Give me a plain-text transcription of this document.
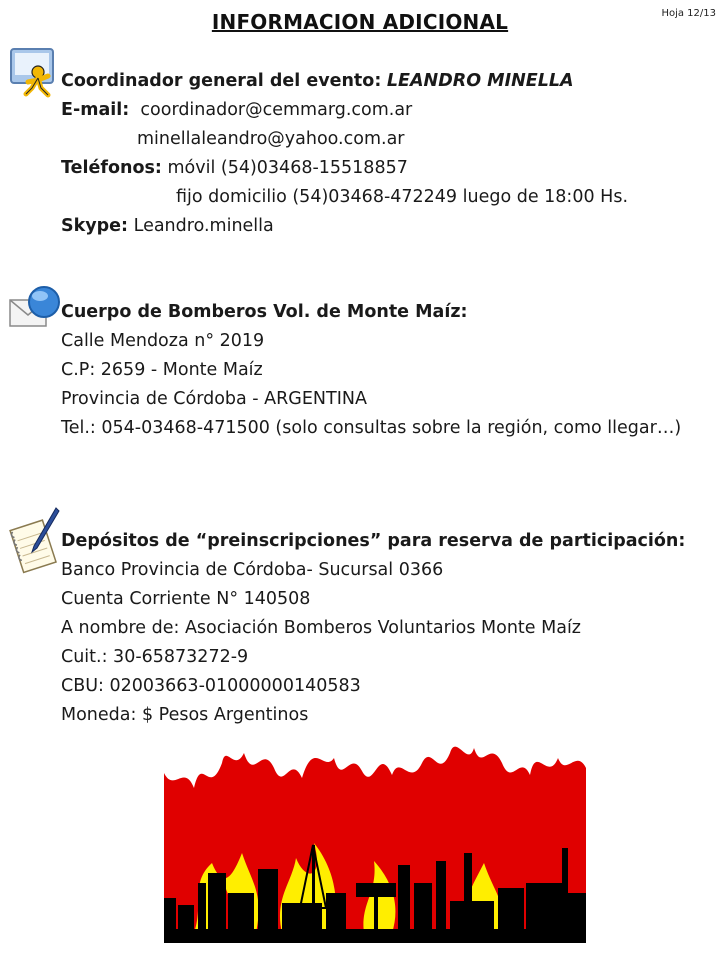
Hoja 12/13
INFORMACION ADICIONAL
Coordinador general del evento: LEANDRO MINELLA
E-mail: coordinador@cemmarg.com.ar
minellaleandro@yahoo.com.ar
Teléfonos: móvil (54)03468-15518857
fijo domicilio (54)03468-472249 luego de 18:00 Hs.
Skype: Leandro.minella
Cuerpo de Bomberos Vol. de Monte Maíz:
Calle Mendoza n° 2019
C.P: 2659 - Monte Maíz
Provincia de Córdoba - ARGENTINA
Tel.: 054-03468-471500 (solo consultas sobre la región, como llegar…)
Depósitos de “preinscripciones” para reserva de participación:
Banco Provincia de Córdoba- Sucursal 0366
Cuenta Corriente N° 140508
A nombre de: Asociación Bomberos Voluntarios Monte Maíz
Cuit.: 30-65873272-9
CBU: 02003663-01000000140583
Moneda: $ Pesos Argentinos
